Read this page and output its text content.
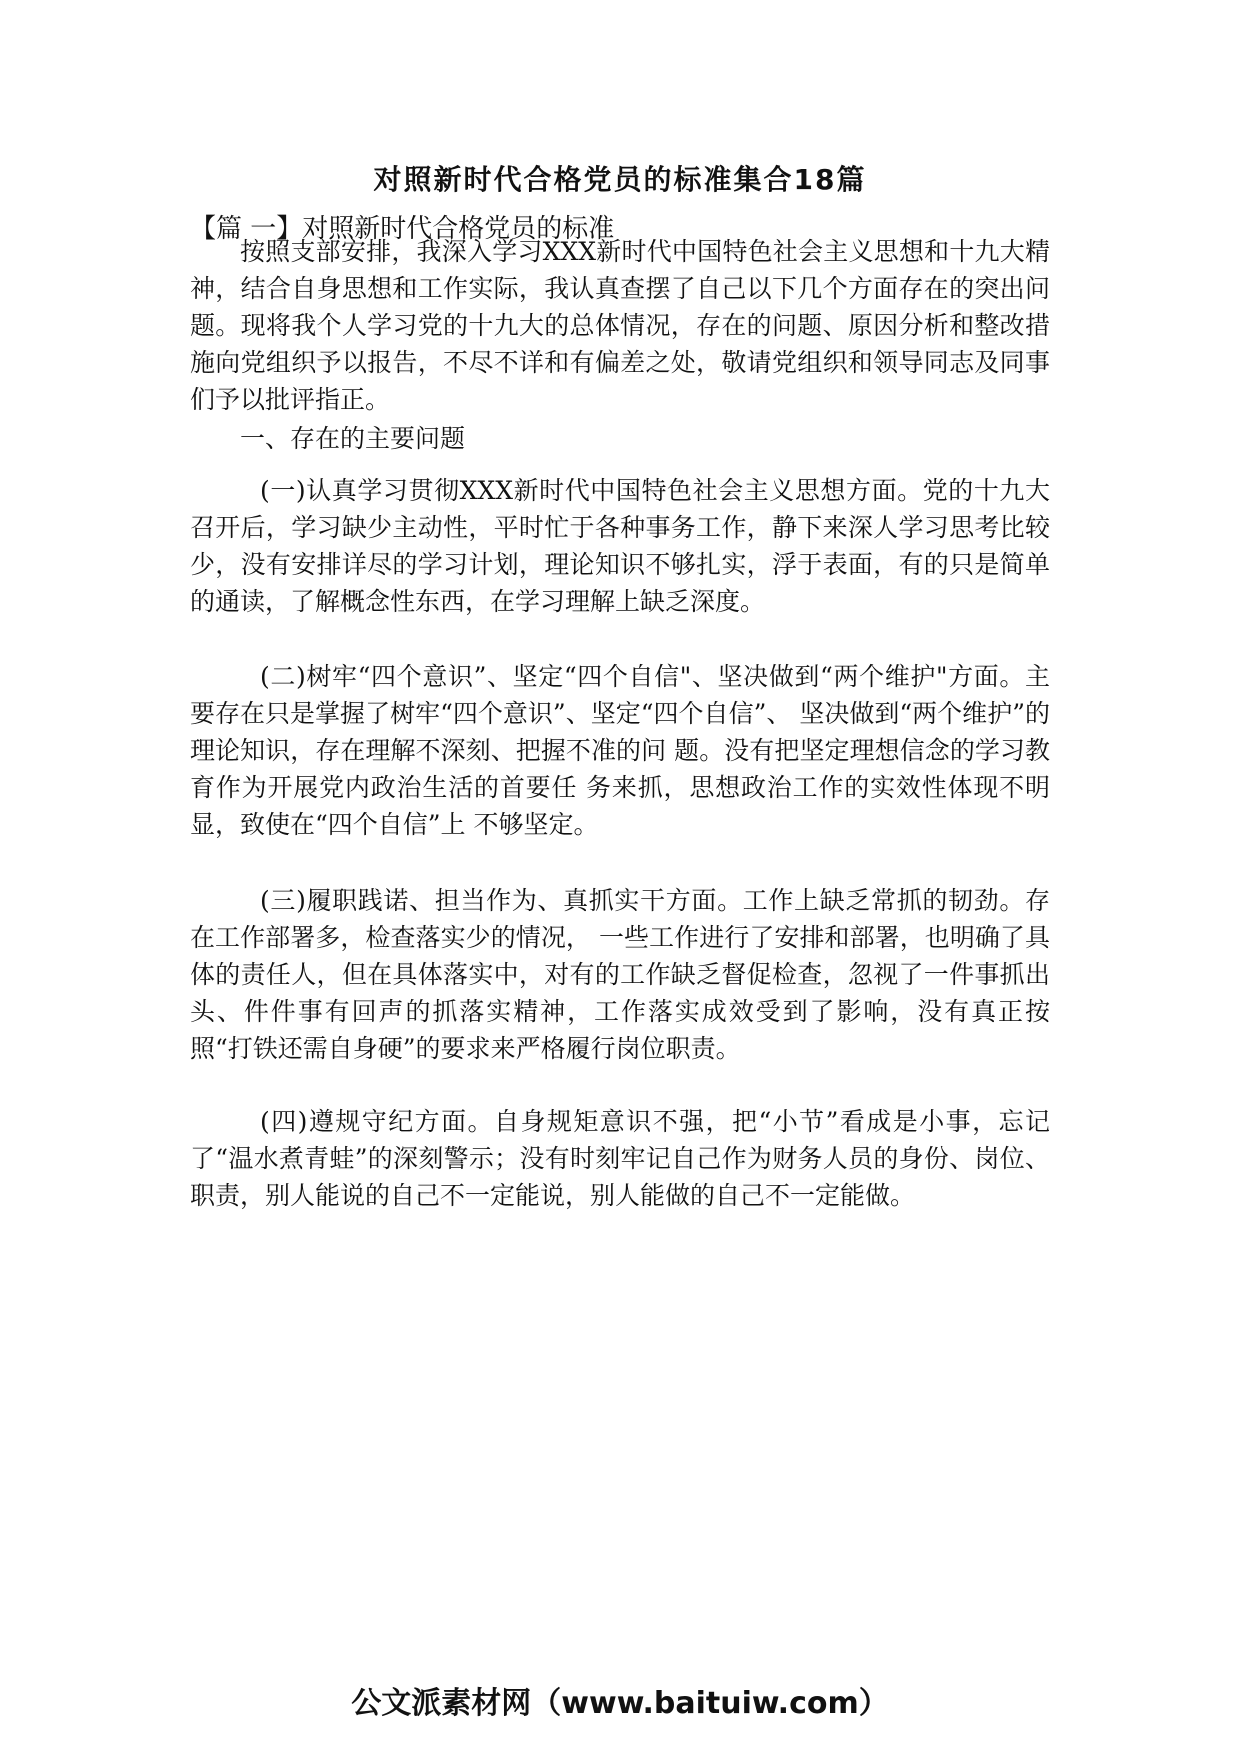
对照新时代合格党员的标准集合18篇
【篇 一】对照新时代合格党员的标准

按照支部安排，我深入学习XXX新时代中国特色社会主义思想和十九大精神，结合自身思想和工作实际，我认真查摆了自己以下几个方面存在的突出问题。现将我个人学习党的十九大的总体情况，存在的问题、原因分析和整改措施向党组织予以报告，不尽不详和有偏差之处，敬请党组织和领导同志及同事们予以批评指正。

一、存在的主要问题

(一)认真学习贯彻XXX新时代中国特色社会主义思想方面。党的十九大召开后，学习缺少主动性，平时忙于各种事务工作，静下来深人学习思考比较少，没有安排详尽的学习计划，理论知识不够扎实，浮于表面，有的只是简单的通读，了解概念性东西，在学习理解上缺乏深度。

(二)树牢“四个意识”、坚定“四个自信"、坚决做到“两个维护"方面。主要存在只是掌握了树牢“四个意识”、坚定“四个自信”、 坚决做到“两个维护”的理论知识，存在理解不深刻、把握不准的问 题。没有把坚定理想信念的学习教育作为开展党内政治生活的首要任 务来抓，思想政治工作的实效性体现不明显，致使在“四个自信”上 不够坚定。

(三)履职践诺、担当作为、真抓实干方面。工作上缺乏常抓的韧劲。存在工作部署多，检查落实少的情况， 一些工作进行了安排和部署，也明确了具体的责任人，但在具体落实中，对有的工作缺乏督促检查，忽视了一件事抓出头、件件事有回声的抓落实精神，工作落实成效受到了影响，没有真正按照“打铁还需自身硬”的要求来严格履行岗位职责。

(四)遵规守纪方面。自身规矩意识不强，把“小节”看成是小事，忘记了“温水煮青蛙”的深刻警示；没有时刻牢记自己作为财务人员的身份、岗位、职责，别人能说的自己不一定能说，别人能做的自己不一定能做。

公文派素材网（www.baituiw.com）
